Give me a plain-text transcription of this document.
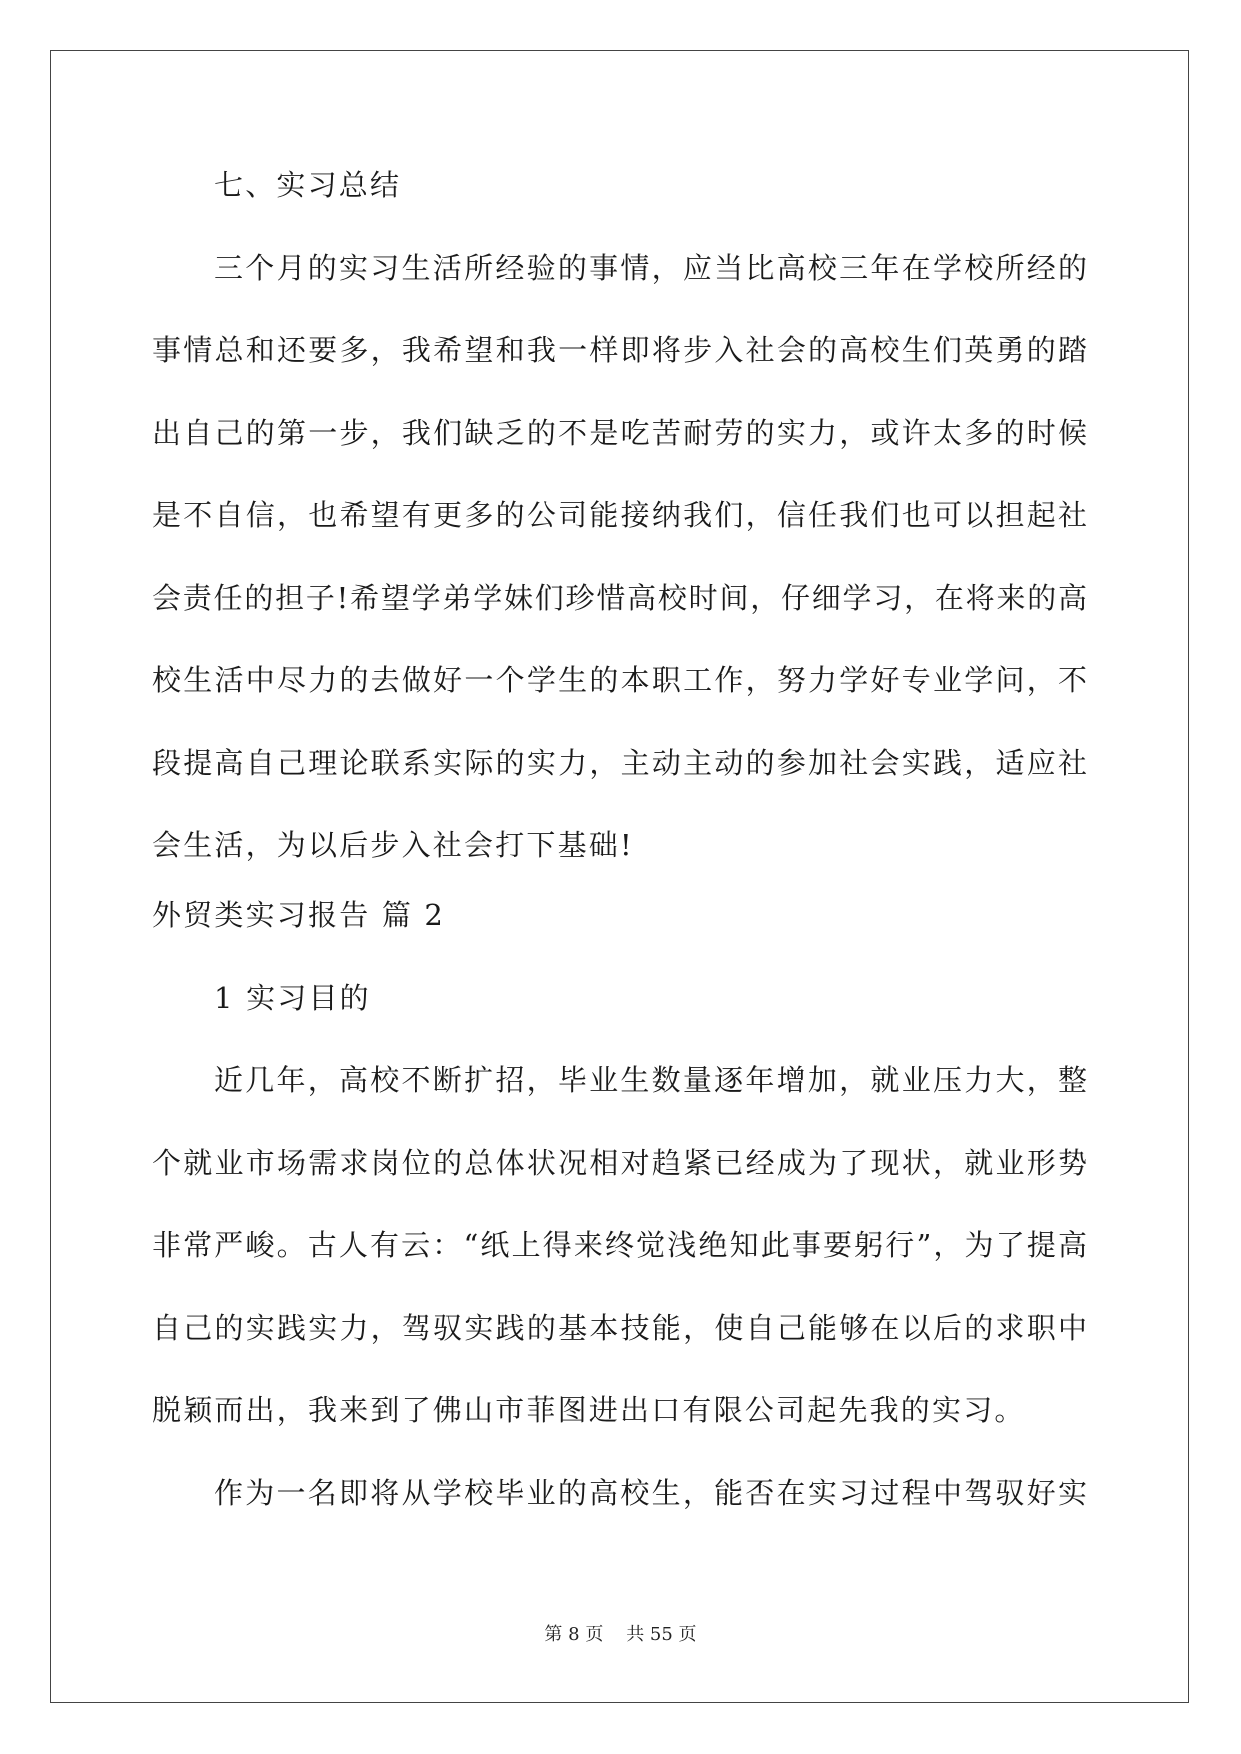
七、实习总结
三个月的实习生活所经验的事情，应当比高校三年在学校所经的
事情总和还要多，我希望和我一样即将步入社会的高校生们英勇的踏
出自己的第一步，我们缺乏的不是吃苦耐劳的实力，或许太多的时候
是不自信，也希望有更多的公司能接纳我们，信任我们也可以担起社
会责任的担子!希望学弟学妹们珍惜高校时间，仔细学习，在将来的高
校生活中尽力的去做好一个学生的本职工作，努力学好专业学问，不
段提高自己理论联系实际的实力，主动主动的参加社会实践，适应社
会生活，为以后步入社会打下基础!
外贸类实习报告 篇 2
1 实习目的
近几年，高校不断扩招，毕业生数量逐年增加，就业压力大，整
个就业市场需求岗位的总体状况相对趋紧已经成为了现状，就业形势
非常严峻。古人有云：“纸上得来终觉浅绝知此事要躬行”，为了提高
自己的实践实力，驾驭实践的基本技能，使自己能够在以后的求职中
脱颖而出，我来到了佛山市菲图进出口有限公司起先我的实习。
作为一名即将从学校毕业的高校生，能否在实习过程中驾驭好实
第 8 页    共 55 页
